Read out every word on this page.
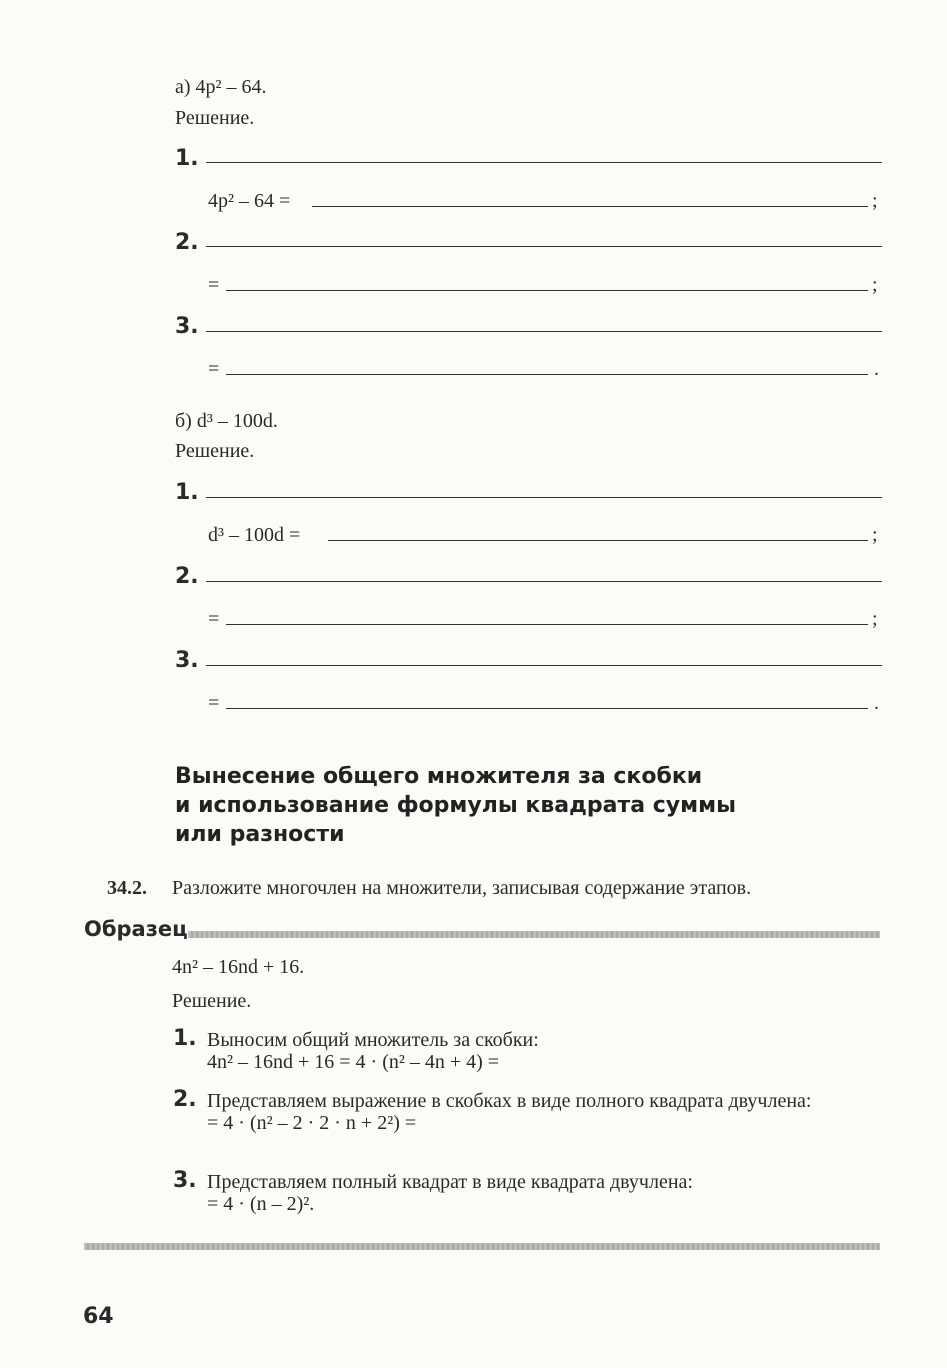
а) 4p² – 64.
Решение.
1.
4p² – 64 =	;
2.
=	;
3.
=	.
б) d³ – 100d.
Решение.
1.
d³ – 100d =	;
2.
=	;
3.
=	.
Вынесение общего множителя за скобки
и использование формулы квадрата суммы
или разности
34.2. Разложите многочлен на множители, записывая содержание этапов.
Образец
4n² – 16nd + 16.
Решение.
1. Выносим общий множитель за скобки:
4n² – 16nd + 16 = 4 · (n² – 4n + 4) =
2. Представляем выражение в скобках в виде полного квадрата двучлена:
= 4 · (n² – 2 · 2 · n + 2²) =
3. Представляем полный квадрат в виде квадрата двучлена:
= 4 · (n – 2)².
64
